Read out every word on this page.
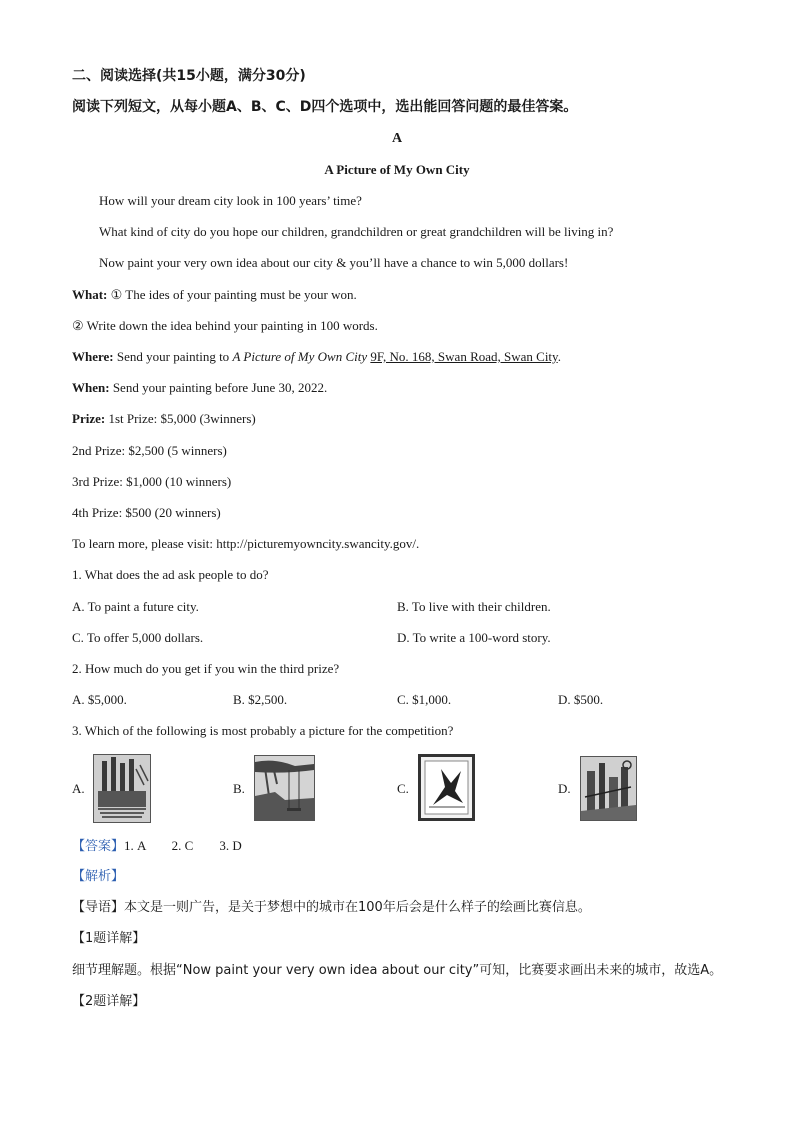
二、阅读选择(共15小题，满分30分)
阅读下列短文，从每小题A、B、C、D四个选项中，选出能回答问题的最佳答案。
A
A Picture of My Own City
How will your dream city look in 100 years’ time?
What kind of city do you hope our children, grandchildren or great grandchildren will be living in?
Now paint your very own idea about our city & you’ll have a chance to win 5,000 dollars!
What: ① The ides of your painting must be your won.
② Write down the idea behind your painting in 100 words.
Where: Send your painting to A Picture of My Own City 9F, No. 168, Swan Road, Swan City.
When: Send your painting before June 30, 2022.
Prize: 1st Prize: $5,000 (3winners)
2nd Prize: $2,500 (5 winners)
3rd Prize: $1,000 (10 winners)
4th Prize: $500 (20 winners)
To learn more, please visit: http://picturemyowncity.swancity.gov/.
1. What does the ad ask people to do?
A. To paint a future city.	B. To live with their children.
C. To offer 5,000 dollars.	D. To write a 100-word story.
2. How much do you get if you win the third prize?
A. $5,000.	B. $2,500.	C. $1,000.	D. $500.
3. Which of the following is most probably a picture for the competition?
A.	B.	C.	D.
【答案】1. A        2. C        3. D
【解析】
【导语】本文是一则广告，是关于梦想中的城市在100年后会是什么样子的绘画比赛信息。
【1题详解】
细节理解题。根据“Now paint your very own idea about our city”可知，比赛要求画出未来的城市，故选A。
【2题详解】
